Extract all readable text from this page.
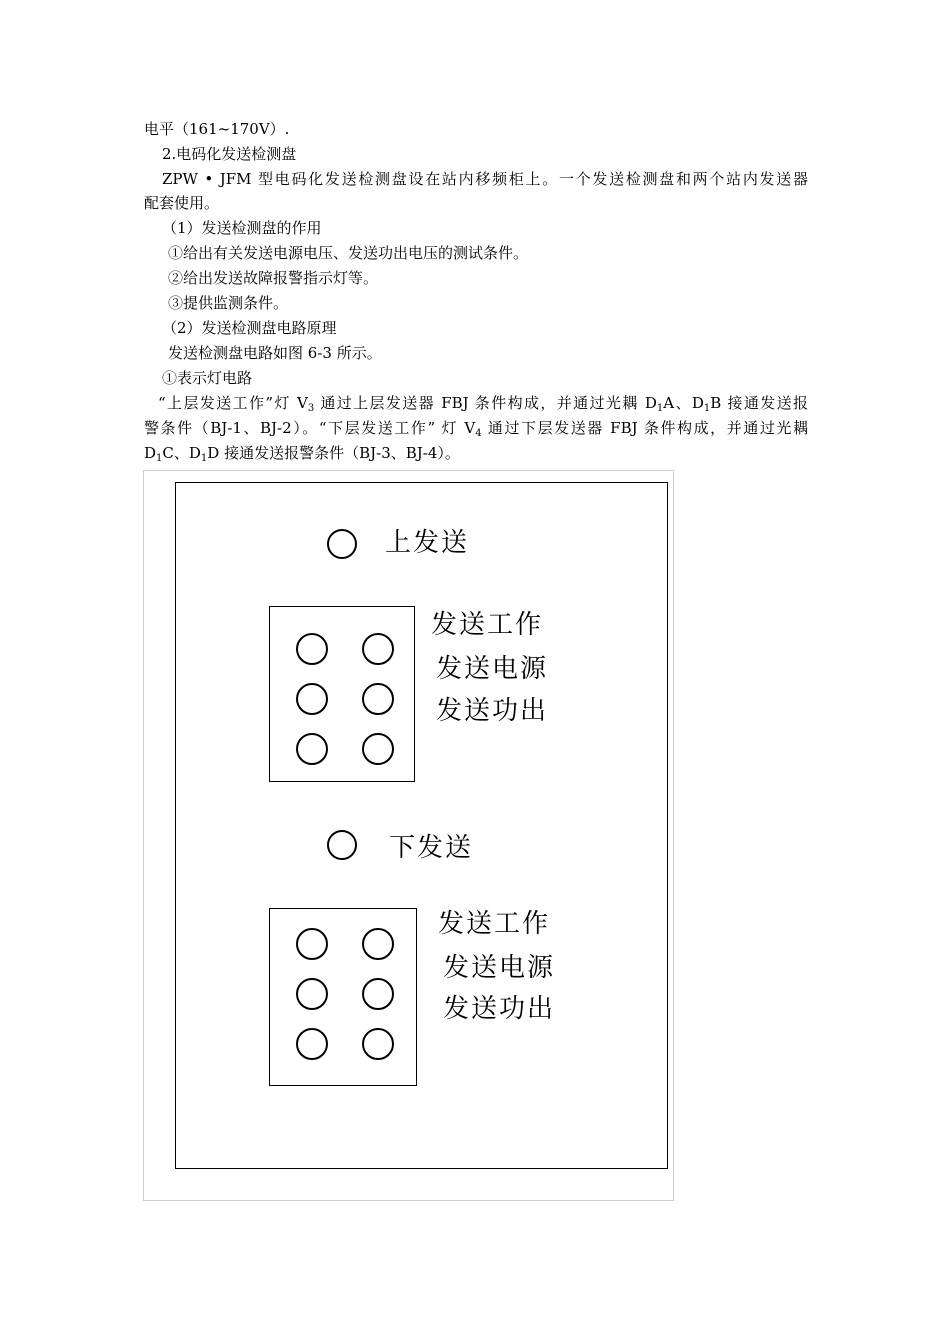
电平（161~170V）.
2.电码化发送检测盘
ZPW • JFM 型电码化发送检测盘设在站内移频柜上。一个发送检测盘和两个站内发送器
配套使用。
（1）发送检测盘的作用
①给出有关发送电源电压、发送功出电压的测试条件。
②给出发送故障报警指示灯等。
③提供监测条件。
（2）发送检测盘电路原理
发送检测盘电路如图 6-3 所示。
①表示灯电路
“上层发送工作”灯 $V_3$ 通过上层发送器 FBJ 条件构成，并通过光耦 $D_1A$、$D_1B$ 接通发送报
警条件（BJ-1、BJ-2）。“下层发送工作” 灯 $V_4$ 通过下层发送器 FBJ 条件构成，并通过光耦
$D_1C$、$D_1D$ 接通发送报警条件（BJ-3、BJ-4）。
上发送
发送工作
发送电源
发送功出
下发送
发送工作
发送电源
发送功出
